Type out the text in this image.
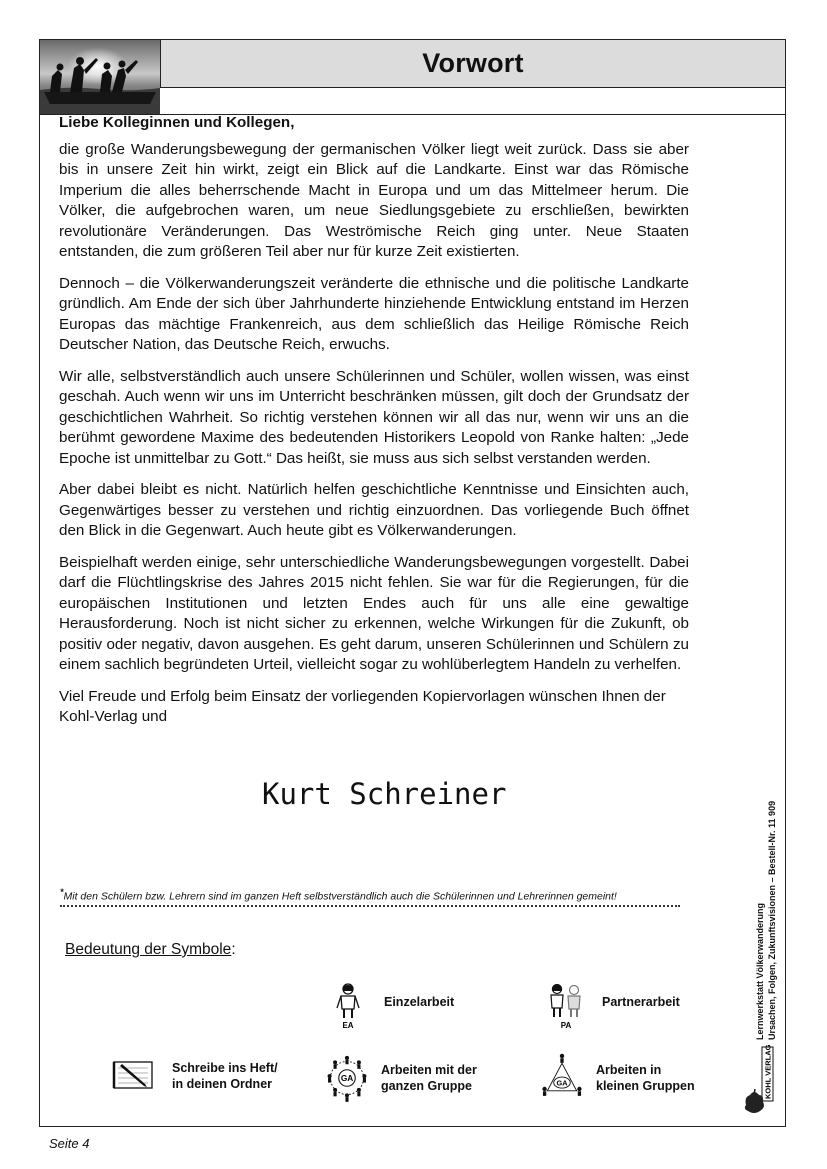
Vorwort

Liebe Kolleginnen und Kollegen,

die große Wanderungsbewegung der germanischen Völker liegt weit zurück. Dass sie aber bis in unsere Zeit hin wirkt, zeigt ein Blick auf die Landkarte. Einst war das Römische Imperium die alles beherrschende Macht in Europa und um das Mittelmeer herum. Die Völker, die aufgebrochen waren, um neue Siedlungsgebiete zu erschließen, bewirkten revolutionäre Veränderungen. Das Weströmische Reich ging unter. Neue Staaten entstanden, die zum größeren Teil aber nur für kurze Zeit existierten.

Dennoch – die Völkerwanderungszeit veränderte die ethnische und die politische Landkarte gründlich. Am Ende der sich über Jahrhunderte hinziehende Entwicklung entstand im Herzen Europas das mächtige Frankenreich, aus dem schließlich das Heilige Römische Reich Deutscher Nation, das Deutsche Reich, erwuchs.

Wir alle, selbstverständlich auch unsere Schülerinnen und Schüler, wollen wissen, was einst geschah. Auch wenn wir uns im Unterricht beschränken müssen, gilt doch der Grundsatz der geschichtlichen Wahrheit. So richtig verstehen können wir all das nur, wenn wir uns an die berühmt gewordene Maxime des bedeutenden Historikers Leopold von Ranke halten: „Jede Epoche ist unmittelbar zu Gott.“ Das heißt, sie muss aus sich selbst verstanden werden.

Aber dabei bleibt es nicht. Natürlich helfen geschichtliche Kenntnisse und Einsichten auch, Gegenwärtiges besser zu verstehen und richtig einzuordnen. Das vorliegende Buch öffnet den Blick in die Gegenwart. Auch heute gibt es Völkerwanderungen.

Beispielhaft werden einige, sehr unterschiedliche Wanderungsbewegungen vorgestellt. Dabei darf die Flüchtlingskrise des Jahres 2015 nicht fehlen. Sie war für die Regierungen, für die europäischen Institutionen und letzten Endes auch für uns alle eine gewaltige Herausforderung. Noch ist nicht sicher zu erkennen, welche Wirkungen für die Zukunft, ob positiv oder negativ, davon ausgehen. Es geht darum, unseren Schülerinnen und Schülern zu einem sachlich begründeten Urteil, vielleicht sogar zu wohlüberlegtem Handeln zu verhelfen.

Viel Freude und Erfolg beim Einsatz der vorliegenden Kopiervorlagen wünschen Ihnen der Kohl-Verlag und

Kurt Schreiner
*Mit den Schülern bzw. Lehrern sind im ganzen Heft selbstverständlich auch die Schülerinnen und Lehrerinnen gemeint!
Bedeutung der Symbole:
EA
Einzelarbeit
PA
Partnerarbeit
Schreibe ins Heft/
in deinen Ordner	GA
Arbeiten mit der
ganzen Gruppe	GA
Arbeiten in
kleinen Gruppen
Lernwerkstatt Völkerwanderung Ursachen, Folgen, Zukunftsvisionen – Bestell-Nr. 11 909
KOHL VERLAG
Seite 4
